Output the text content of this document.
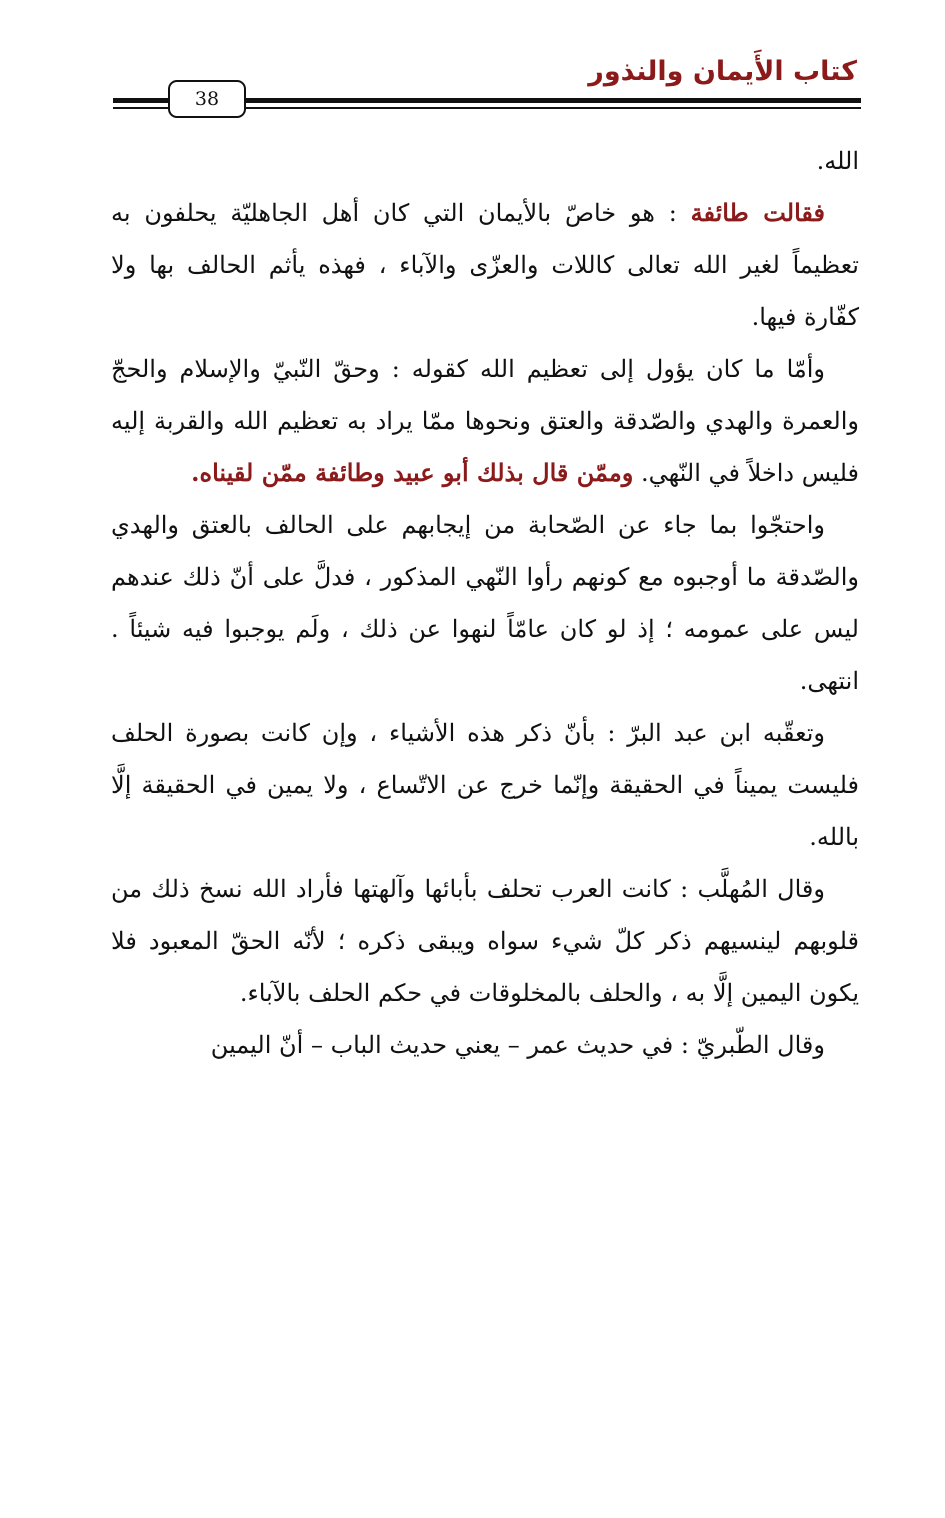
كتاب الأَيمان والنذور
38

الله.

فقالت طائفة : هو خاصّ بالأيمان التي كان أهل الجاهليّة يحلفون به تعظيماً لغير الله تعالى كاللات والعزّى والآباء ، فهذه يأثم الحالف بها ولا كفّارة فيها.

وأمّا ما كان يؤول إلى تعظيم الله كقوله : وحقّ النّبيّ والإسلام والحجّ والعمرة والهدي والصّدقة والعتق ونحوها ممّا يراد به تعظيم الله والقربة إليه فليس داخلاً في النّهي. وممّن قال بذلك أبو عبيد وطائفة ممّن لقيناه.

واحتجّوا بما جاء عن الصّحابة من إيجابهم على الحالف بالعتق والهدي والصّدقة ما أوجبوه مع كونهم رأوا النّهي المذكور ، فدلَّ على أنّ ذلك عندهم ليس على عمومه ؛ إذ لو كان عامّاً لنهوا عن ذلك ، ولَم يوجبوا فيه شيئاً . انتهى.

وتعقّبه ابن عبد البرّ : بأنّ ذكر هذه الأشياء ، وإن كانت بصورة الحلف فليست يميناً في الحقيقة وإنّما خرج عن الاتّساع ، ولا يمين في الحقيقة إلَّا بالله.

وقال المُهلَّب : كانت العرب تحلف بأبائها وآلهتها فأراد الله نسخ ذلك من قلوبهم لينسيهم ذكر كلّ شيء سواه ويبقى ذكره ؛ لأنّه الحقّ المعبود فلا يكون اليمين إلَّا به ، والحلف بالمخلوقات في حكم الحلف بالآباء.

وقال الطّبريّ : في حديث عمر – يعني حديث الباب – أنّ اليمين
